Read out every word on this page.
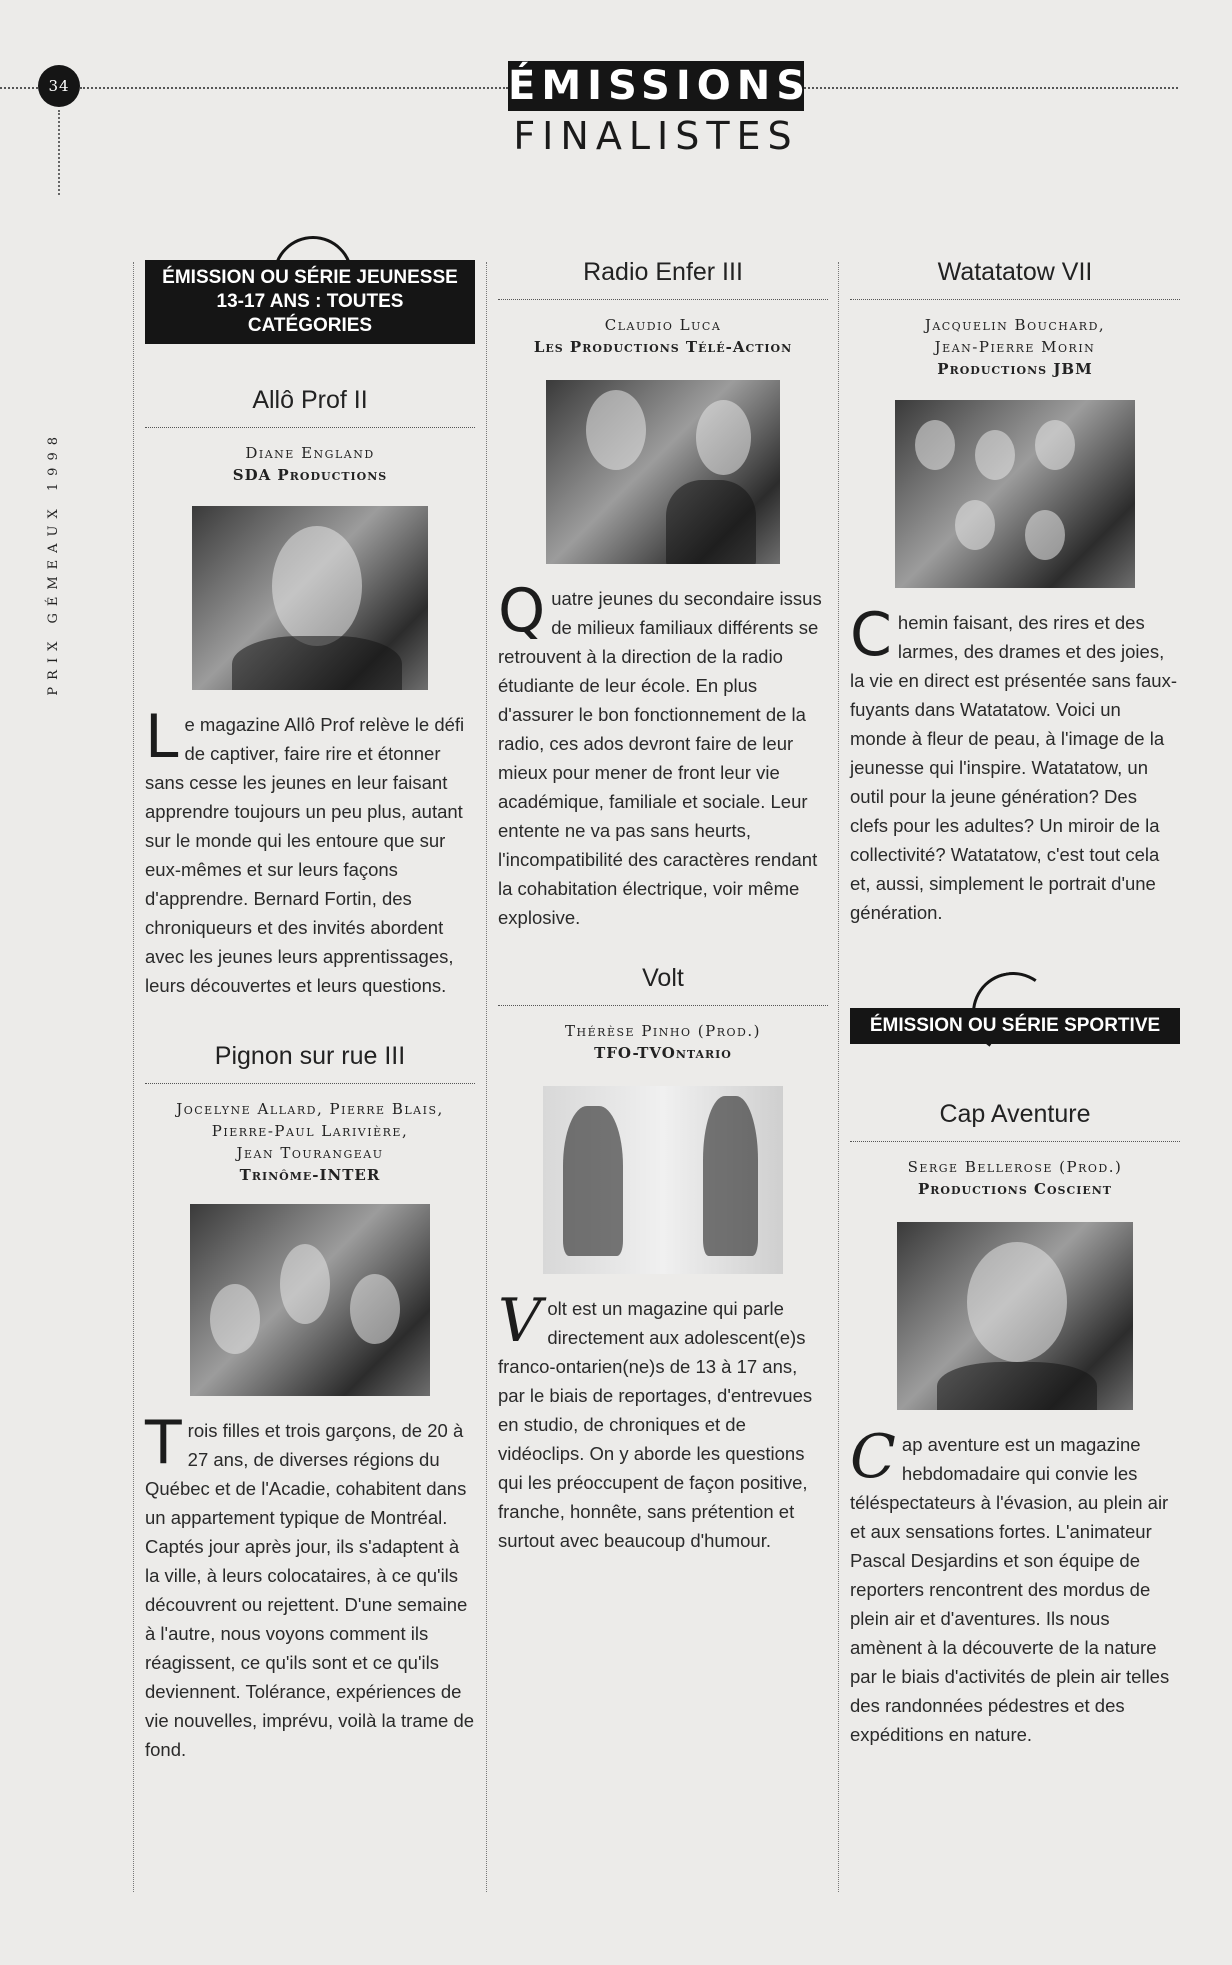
34	ÉMISSIONS
FINALISTES
PRIX GÉMEAUX 1998
ÉMISSION OU SÉRIE JEUNESSE
13-17 ANS : TOUTES CATÉGORIES
Allô Prof II
Diane England
SDA Productions
Le magazine Allô Prof relève le défi de captiver, faire rire et étonner sans cesse les jeunes en leur faisant apprendre toujours un peu plus, autant sur le monde qui les entoure que sur eux-mêmes et sur leurs façons d'apprendre. Bernard Fortin, des chroniqueurs et des invités abordent avec les jeunes leurs apprentissages, leurs découvertes et leurs questions.
Pignon sur rue III
Jocelyne Allard, Pierre Blais,
Pierre-Paul Larivière,
Jean Tourangeau
Trinôme-INTER
Trois filles et trois garçons, de 20 à 27 ans, de diverses régions du Québec et de l'Acadie, cohabitent dans un appartement typique de Montréal. Captés jour après jour, ils s'adaptent à la ville, à leurs colocataires, à ce qu'ils découvrent ou rejettent. D'une semaine à l'autre, nous voyons comment ils réagissent, ce qu'ils sont et ce qu'ils deviennent. Tolérance, expériences de vie nouvelles, imprévu, voilà la trame de fond.
Radio Enfer III
Claudio Luca
Les Productions Télé-Action
Quatre jeunes du secondaire issus de milieux familiaux différents se retrouvent à la direction de la radio étudiante de leur école. En plus d'assurer le bon fonctionnement de la radio, ces ados devront faire de leur mieux pour mener de front leur vie académique, familiale et sociale. Leur entente ne va pas sans heurts, l'incompatibilité des caractères rendant la cohabitation électrique, voir même explosive.
Volt
Thérèse Pinho (Prod.)
TFO-TVOntario
Volt est un magazine qui parle directement aux adolescent(e)s franco-ontarien(ne)s de 13 à 17 ans, par le biais de reportages, d'entrevues en studio, de chroniques et de vidéoclips. On y aborde les questions qui les préoccupent de façon positive, franche, honnête, sans prétention et surtout avec beaucoup d'humour.
Watatatow VII
Jacquelin Bouchard,
Jean-Pierre Morin
Productions JBM
Chemin faisant, des rires et des larmes, des drames et des joies, la vie en direct est présentée sans faux-fuyants dans Watatatow. Voici un monde à fleur de peau, à l'image de la jeunesse qui l'inspire. Watatatow, un outil pour la jeune génération? Des clefs pour les adultes? Un miroir de la collectivité? Watatatow, c'est tout cela et, aussi, simplement le portrait d'une génération.
ÉMISSION OU SÉRIE SPORTIVE
Cap Aventure
Serge Bellerose (Prod.)
Productions Coscient
Cap aventure est un magazine hebdomadaire qui convie les téléspectateurs à l'évasion, au plein air et aux sensations fortes. L'animateur Pascal Desjardins et son équipe de reporters rencontrent des mordus de plein air et d'aventures. Ils nous amènent à la découverte de la nature par le biais d'activités de plein air telles des randonnées pédestres et des expéditions en nature.
